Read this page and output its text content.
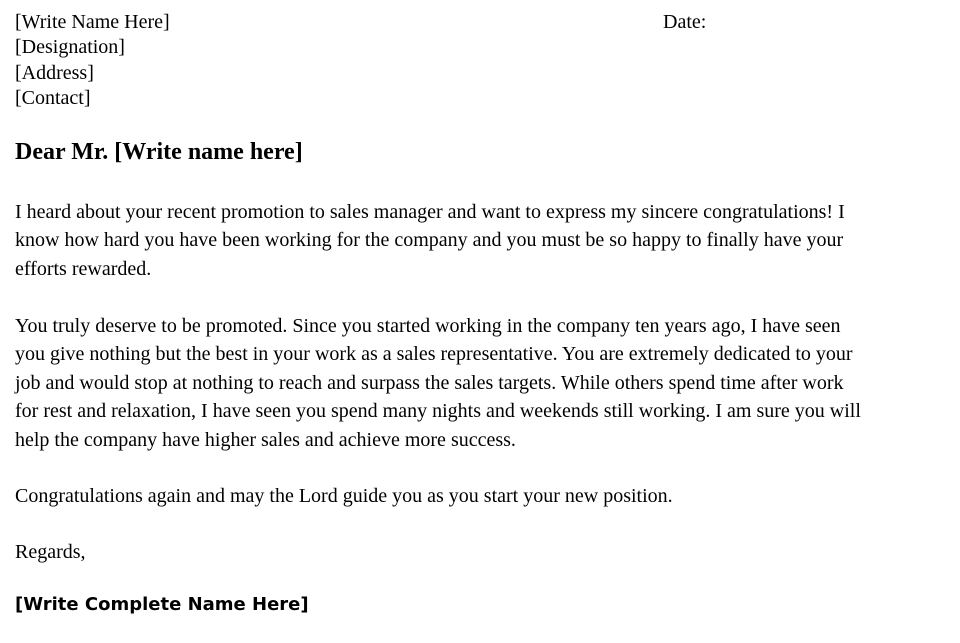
[Write Name Here]
[Designation]
[Address]
[Contact]
Date:
Dear Mr. [Write name here]

I heard about your recent promotion to sales manager and want to express my sincere congratulations! I
know how hard you have been working for the company and you must be so happy to finally have your
efforts rewarded.

You truly deserve to be promoted. Since you started working in the company ten years ago, I have seen
you give nothing but the best in your work as a sales representative. You are extremely dedicated to your
job and would stop at nothing to reach and surpass the sales targets. While others spend time after work
for rest and relaxation, I have seen you spend many nights and weekends still working. I am sure you will
help the company have higher sales and achieve more success.

Congratulations again and may the Lord guide you as you start your new position.

Regards,
[Write Complete Name Here]
